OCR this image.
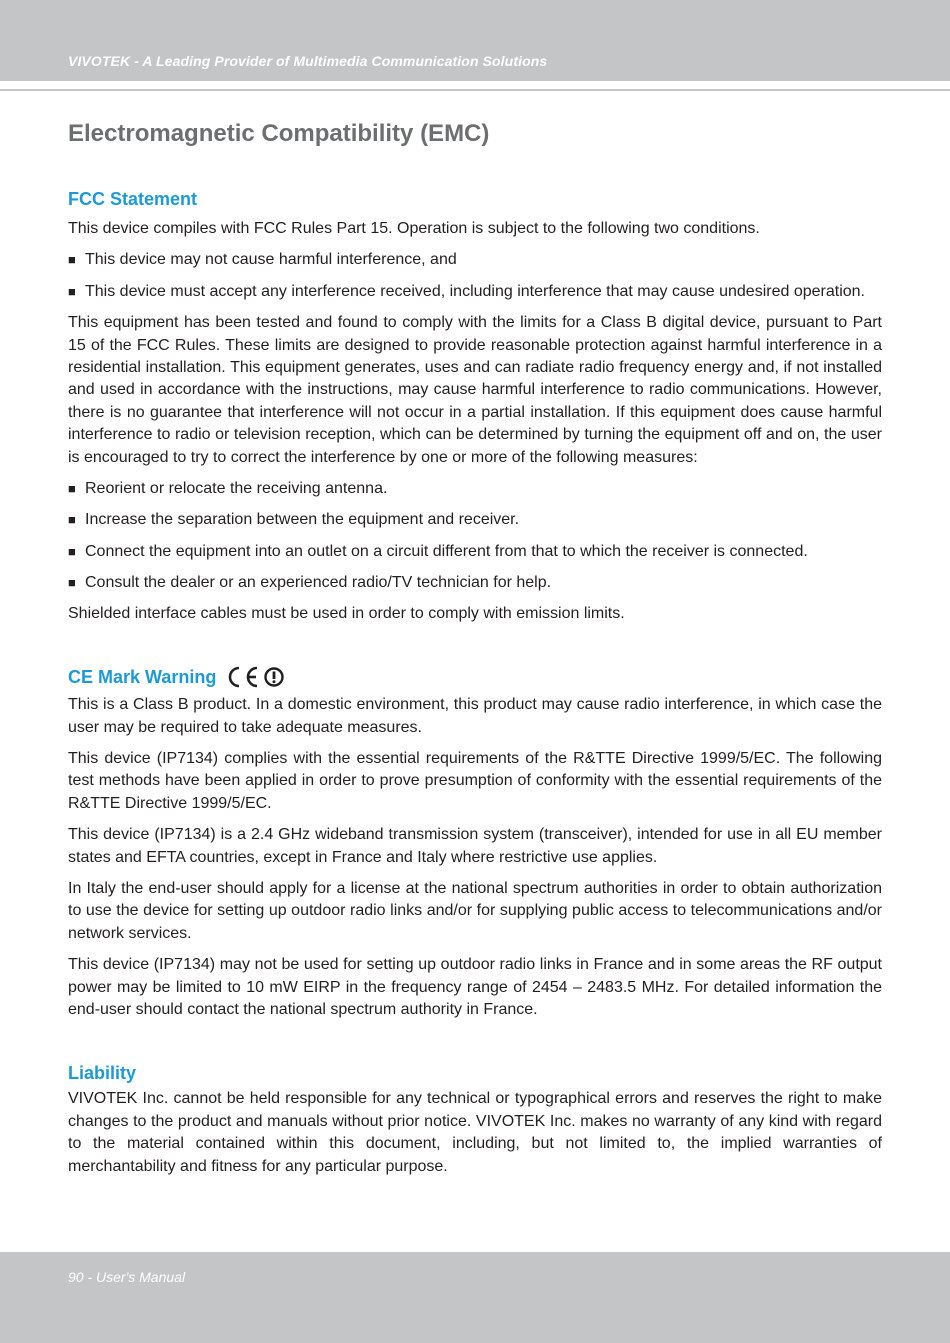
VIVOTEK - A Leading Provider of Multimedia Communication Solutions
Electromagnetic Compatibility (EMC)
FCC Statement

This device compiles with FCC Rules Part 15. Operation is subject to the following two conditions.

■ This device may not cause harmful interference, and
■ This device must accept any interference received, including interference that may cause undesired operation.

This equipment has been tested and found to comply with the limits for a Class B digital device, pursuant to Part 15 of the FCC Rules. These limits are designed to provide reasonable protection against harmful interference in a residential installation. This equipment generates, uses and can radiate radio frequency energy and, if not installed and used in accordance with the instructions, may cause harmful interference to radio communications. However, there is no guarantee that interference will not occur in a partial installation. If this equipment does cause harmful interference to radio or television reception, which can be determined by turning the equipment off and on, the user is encouraged to try to correct the interference by one or more of the following measures:

■ Reorient or relocate the receiving antenna.
■ Increase the separation between the equipment and receiver.
■ Connect the equipment into an outlet on a circuit different from that to which the receiver is connected.
■ Consult the dealer or an experienced radio/TV technician for help.

Shielded interface cables must be used in order to comply with emission limits.

CE Mark Warning

This is a Class B product. In a domestic environment, this product may cause radio interference, in which case the user may be required to take adequate measures.

This device (IP7134) complies with the essential requirements of the R&TTE Directive 1999/5/EC. The following test methods have been applied in order to prove presumption of conformity with the essential requirements of the R&TTE Directive 1999/5/EC.

This device (IP7134) is a 2.4 GHz wideband transmission system (transceiver), intended for use in all EU member states and EFTA countries, except in France and Italy where restrictive use applies.

In Italy the end-user should apply for a license at the national spectrum authorities in order to obtain authorization to use the device for setting up outdoor radio links and/or for supplying public access to telecommunications and/or network services.

This device (IP7134) may not be used for setting up outdoor radio links in France and in some areas the RF output power may be limited to 10 mW EIRP in the frequency range of 2454 – 2483.5 MHz. For detailed information the end-user should contact the national spectrum authority in France.

Liability

VIVOTEK Inc. cannot be held responsible for any technical or typographical errors and reserves the right to make changes to the product and manuals without prior notice. VIVOTEK Inc. makes no warranty of any kind with regard to the material contained within this document, including, but not limited to, the implied warranties of merchantability and fitness for any particular purpose.

90 - User's Manual
